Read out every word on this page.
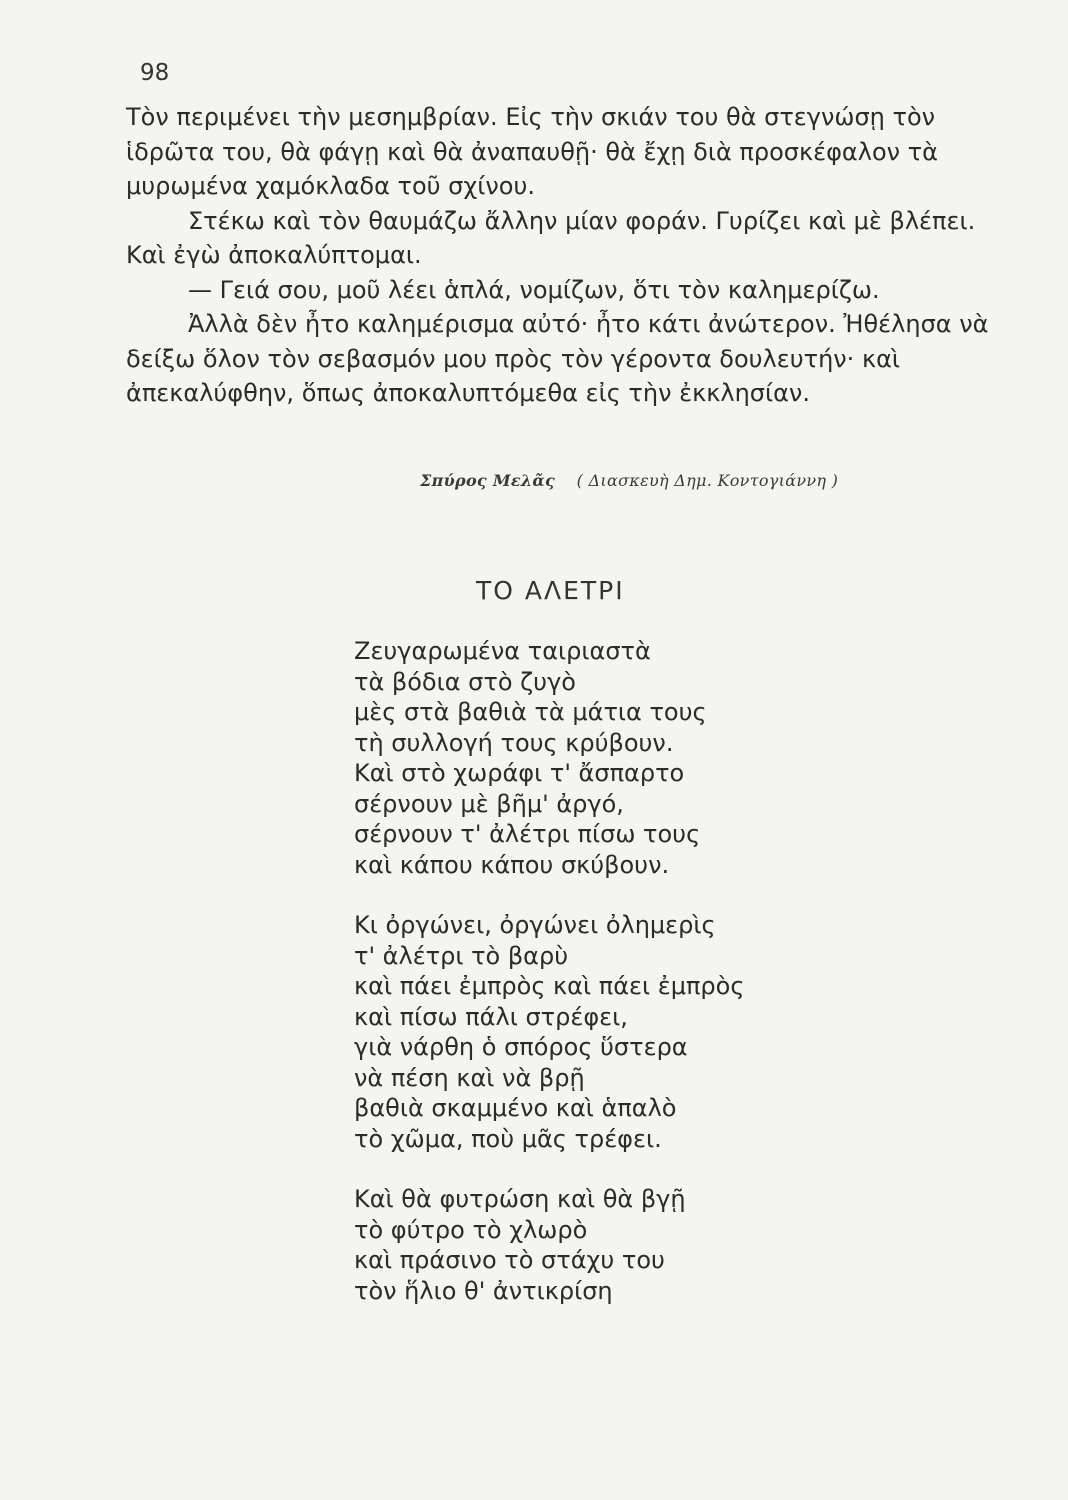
98

Τὸν περιμένει τὴν μεσημβρίαν. Εἰς τὴν σκιάν του θὰ στεγνώσῃ τὸν ἱδρῶτα του, θὰ φάγῃ καὶ θὰ ἀναπαυθῇ· θὰ ἔχῃ διὰ προσκέφαλον τὰ μυρωμένα χαμόκλαδα τοῦ σχίνου.

Στέκω καὶ τὸν θαυμάζω ἄλλην μίαν φοράν. Γυρίζει καὶ μὲ βλέπει. Καὶ ἐγὼ ἀποκαλύπτομαι.

— Γειά σου, μοῦ λέει ἁπλά, νομίζων, ὅτι τὸν καλημερίζω.

Ἀλλὰ δὲν ἦτο καλημέρισμα αὐτό· ἦτο κάτι ἀνώτερον. Ἠθέλησα νὰ δείξω ὅλον τὸν σεβασμόν μου πρὸς τὸν γέροντα δουλευτήν· καὶ ἀπεκαλύφθην, ὅπως ἀποκαλυπτόμεθα εἰς τὴν ἐκκλησίαν.

Σπύρος Μελᾶς ( Διασκευὴ Δημ. Κοντογιάννη )
ΤΟ ΑΛΕΤΡΙ
Ζευγαρωμένα ταιριαστὰ
τὰ βόδια στὸ ζυγὸ
μὲς στὰ βαθιὰ τὰ μάτια τους
τὴ συλλογή τους κρύβουν.
Καὶ στὸ χωράφι τ' ἄσπαρτο
σέρνουν μὲ βῆμ' ἀργό,
σέρνουν τ' ἀλέτρι πίσω τους
καὶ κάπου κάπου σκύβουν.
Κι ὀργώνει, ὀργώνει ὀλημερὶς
τ' ἀλέτρι τὸ βαρὺ
καὶ πάει ἐμπρὸς καὶ πάει ἐμπρὸς
καὶ πίσω πάλι στρέφει,
γιὰ νάρθη ὁ σπόρος ὕστερα
νὰ πέση καὶ νὰ βρῇ
βαθιὰ σκαμμένο καὶ ἁπαλὸ
τὸ χῶμα, ποὺ μᾶς τρέφει.
Καὶ θὰ φυτρώση καὶ θὰ βγῇ
τὸ φύτρο τὸ χλωρὸ
καὶ πράσινο τὸ στάχυ του
τὸν ἥλιο θ' ἀντικρίση
